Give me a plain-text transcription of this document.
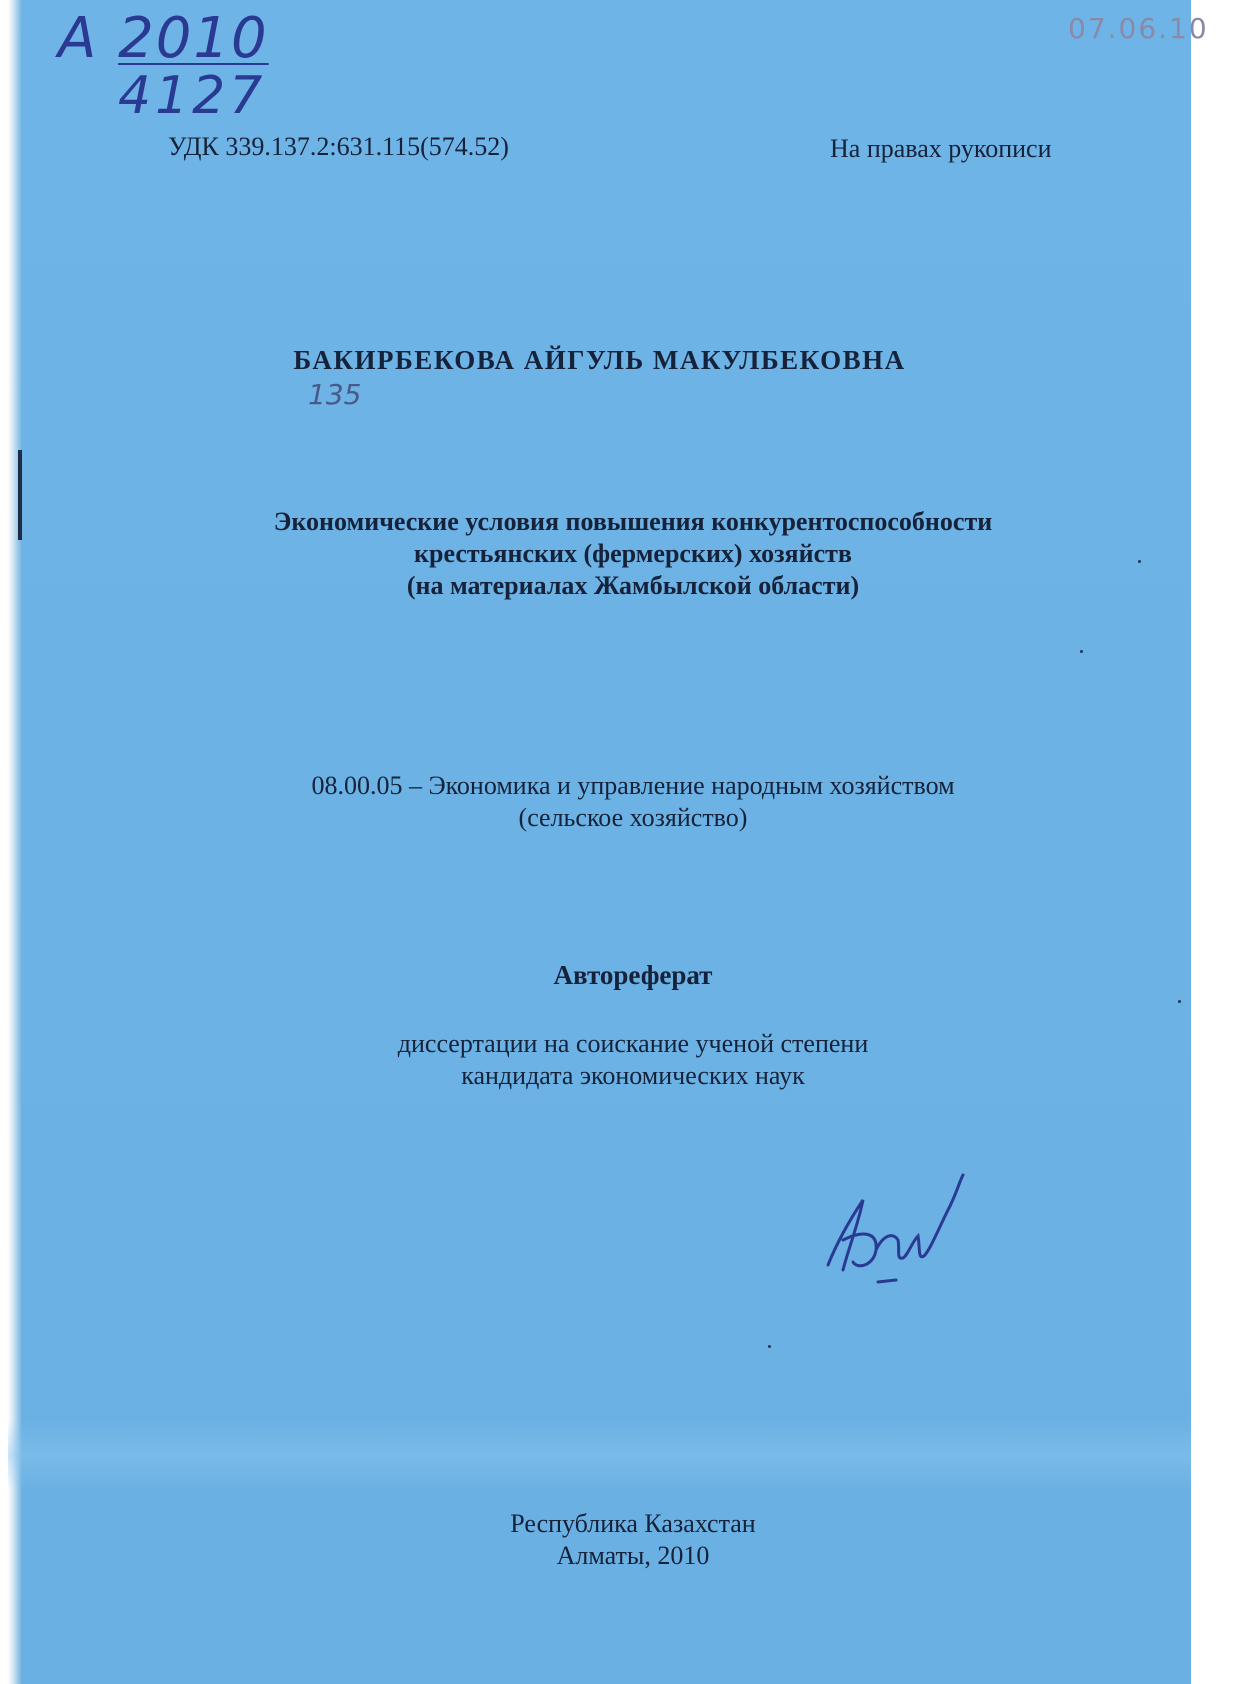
А 2010

4127

07.06.10

135

УДК 339.137.2:631.115(574.52)	На правах рукописи

БАКИРБЕКОВА АЙГУЛЬ МАКУЛБЕКОВНА

Экономические условия повышения конкурентоспособности
крестьянских (фермерских) хозяйств
(на материалах Жамбылской области)
08.00.05 – Экономика и управление народным хозяйством
(сельское хозяйство)

Автореферат

диссертации на соискание ученой степени
кандидата экономических наук
Республика Казахстан
Алматы, 2010
